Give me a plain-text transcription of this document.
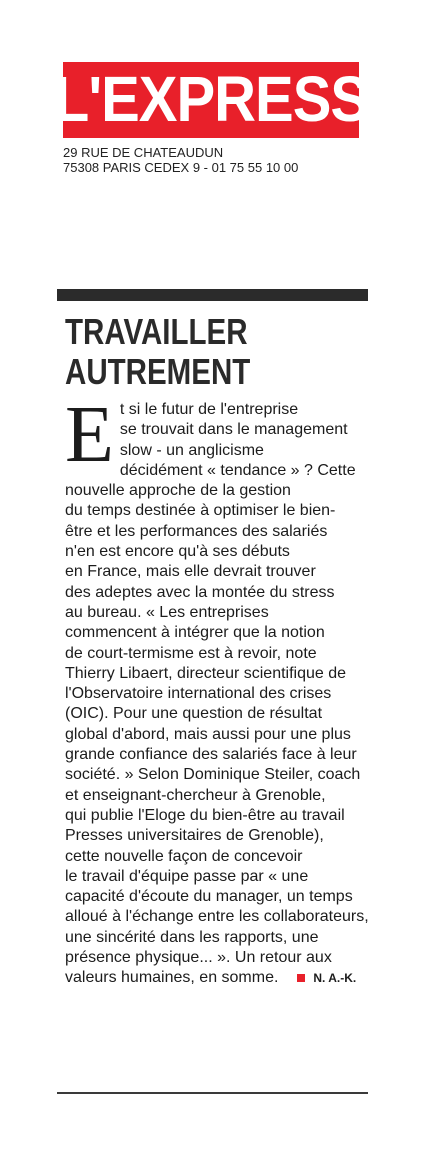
L'EXPRESS
29 RUE DE CHATEAUDUN
75308 PARIS CEDEX 9 - 01 75 55 10 00
TRAVAILLER
AUTREMENT
E t si le futur de l'entreprise
se trouvait dans le management
slow - un anglicisme
décidément « tendance » ? Cette
nouvelle approche de la gestion
du temps destinée à optimiser le bien-
être et les performances des salariés
n'en est encore qu'à ses débuts
en France, mais elle devrait trouver
des adeptes avec la montée du stress
au bureau. « Les entreprises
commencent à intégrer que la notion
de court-termisme est à revoir, note
Thierry Libaert, directeur scientifique de
l'Observatoire international des crises
(OIC). Pour une question de résultat
global d'abord, mais aussi pour une plus
grande confiance des salariés face à leur
société. » Selon Dominique Steiler, coach
et enseignant-chercheur à Grenoble,
qui publie l'Eloge du bien-être au travail
Presses universitaires de Grenoble),
cette nouvelle façon de concevoir
le travail d'équipe passe par « une
capacité d'écoute du manager, un temps
alloué à l'échange entre les collaborateurs,
une sincérité dans les rapports, une
présence physique... ». Un retour aux
valeurs humaines, en somme.	N. A.-K.
